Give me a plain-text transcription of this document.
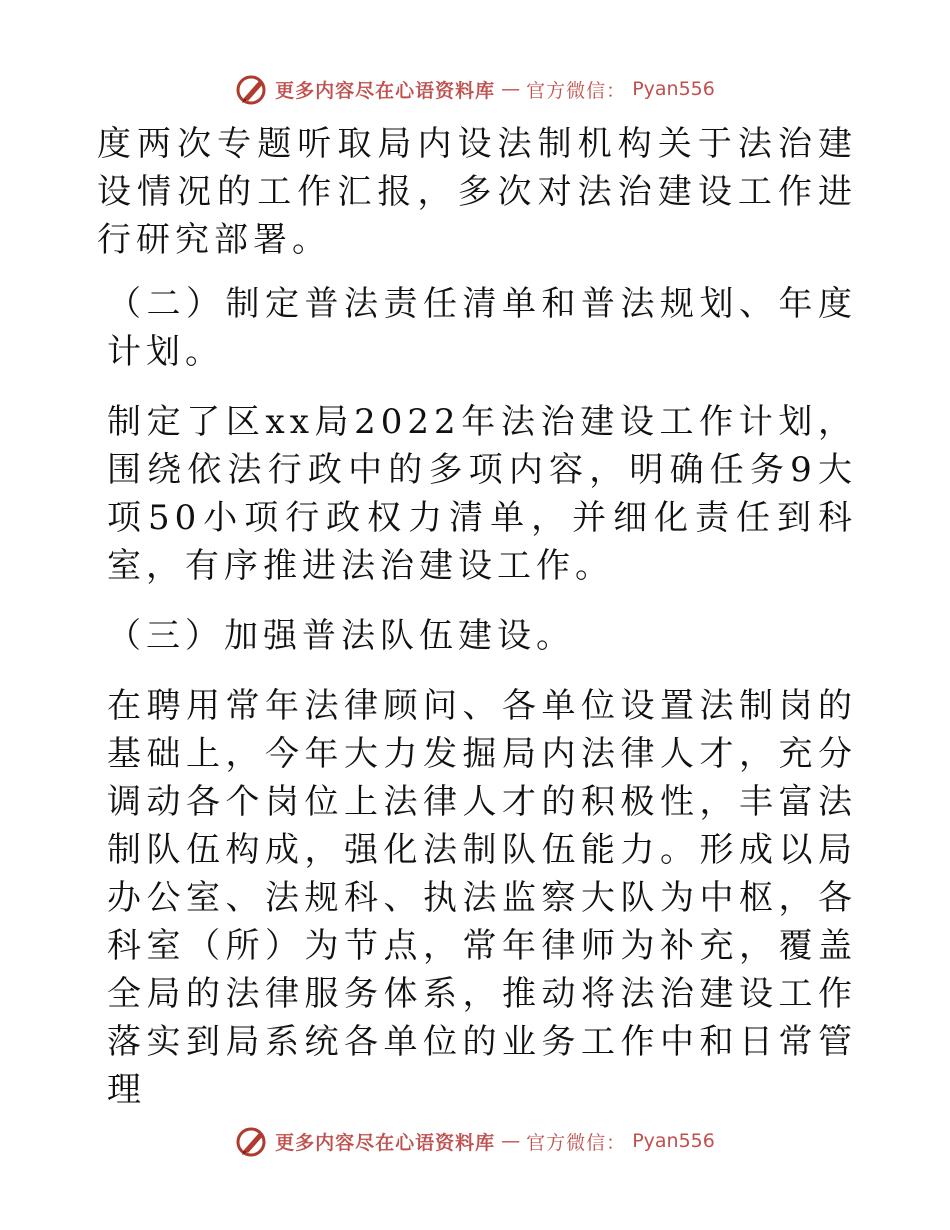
更多内容尽在心语资料库 — 官方微信： Pyan556

度两次专题听取局内设法制机构关于法治建设情况的工作汇报，多次对法治建设工作进行研究部署。

（二）制定普法责任清单和普法规划、年度计划。

制定了区xx局2022年法治建设工作计划，围绕依法行政中的多项内容，明确任务9大项50小项行政权力清单，并细化责任到科室，有序推进法治建设工作。

（三）加强普法队伍建设。

在聘用常年法律顾问、各单位设置法制岗的基础上，今年大力发掘局内法律人才，充分调动各个岗位上法律人才的积极性，丰富法制队伍构成，强化法制队伍能力。形成以局办公室、法规科、执法监察大队为中枢，各科室（所）为节点，常年律师为补充，覆盖全局的法律服务体系，推动将法治建设工作落实到局系统各单位的业务工作中和日常管理

更多内容尽在心语资料库 — 官方微信： Pyan556
